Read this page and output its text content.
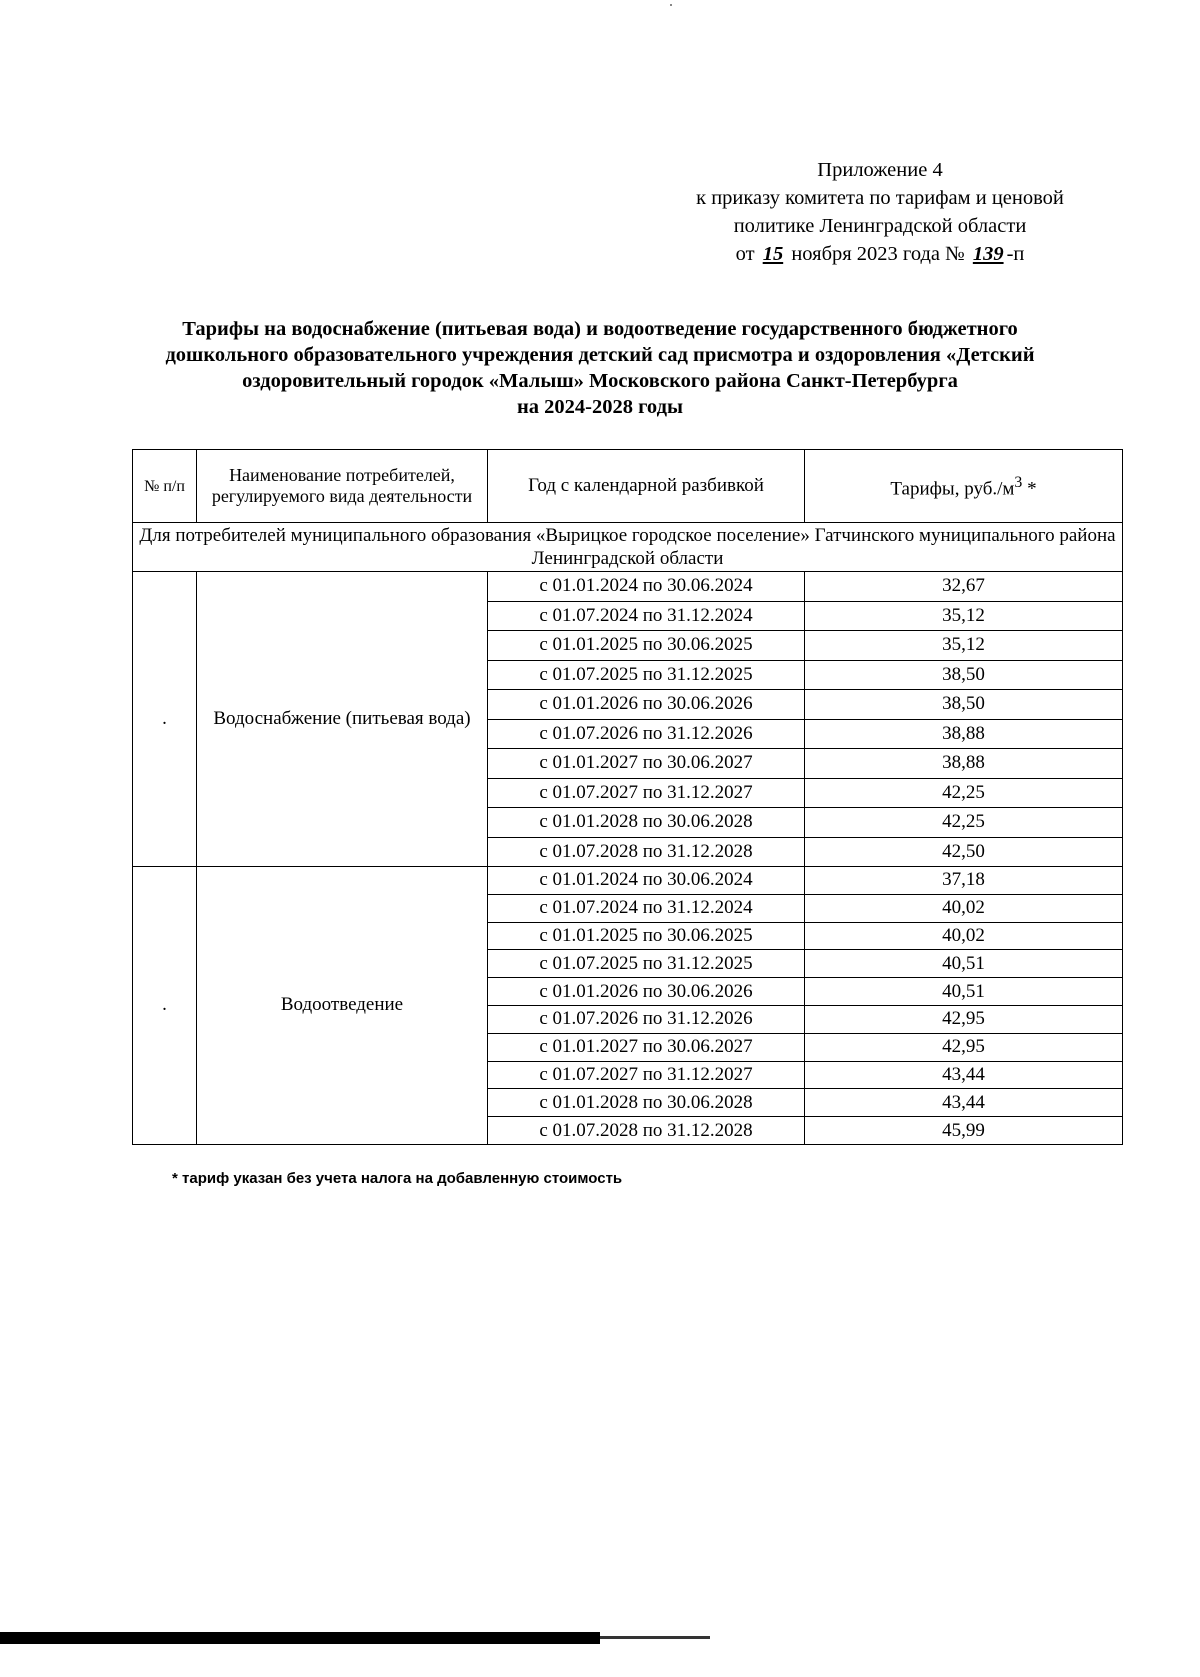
Приложение 4
к приказу комитета по тарифам и ценовой
политике Ленинградской области
от 15 ноября 2023 года № 139 -п
Тарифы на водоснабжение (питьевая вода) и водоотведение государственного бюджетного
дошкольного образовательного учреждения детский сад присмотра и оздоровления «Детский
оздоровительный городок «Малыш» Московского района Санкт-Петербурга
на 2024-2028 годы
№ п/п	Наименование потребителей, регулируемого вида деятельности	Год с календарной разбивкой	Тарифы, $руб./м^3$ *
Для потребителей муниципального образования «Вырицкое городское поселение» Гатчинского муниципального района Ленинградской области			
.	Водоснабжение (питьевая вода)	с 01.01.2024 по 30.06.2024	32,67
		с 01.07.2024 по 31.12.2024	35,12
		с 01.01.2025 по 30.06.2025	35,12
		с 01.07.2025 по 31.12.2025	38,50
		с 01.01.2026 по 30.06.2026	38,50
		с 01.07.2026 по 31.12.2026	38,88
		с 01.01.2027 по 30.06.2027	38,88
		с 01.07.2027 по 31.12.2027	42,25
		с 01.01.2028 по 30.06.2028	42,25
		с 01.07.2028 по 31.12.2028	42,50
.	Водоотведение	с 01.01.2024 по 30.06.2024	37,18
		с 01.07.2024 по 31.12.2024	40,02
		с 01.01.2025 по 30.06.2025	40,02
		с 01.07.2025 по 31.12.2025	40,51
		с 01.01.2026 по 30.06.2026	40,51
		с 01.07.2026 по 31.12.2026	42,95
		с 01.01.2027 по 30.06.2027	42,95
		с 01.07.2027 по 31.12.2027	43,44
		с 01.01.2028 по 30.06.2028	43,44
		с 01.07.2028 по 31.12.2028	45,99
* тариф указан без учета налога на добавленную стоимость
